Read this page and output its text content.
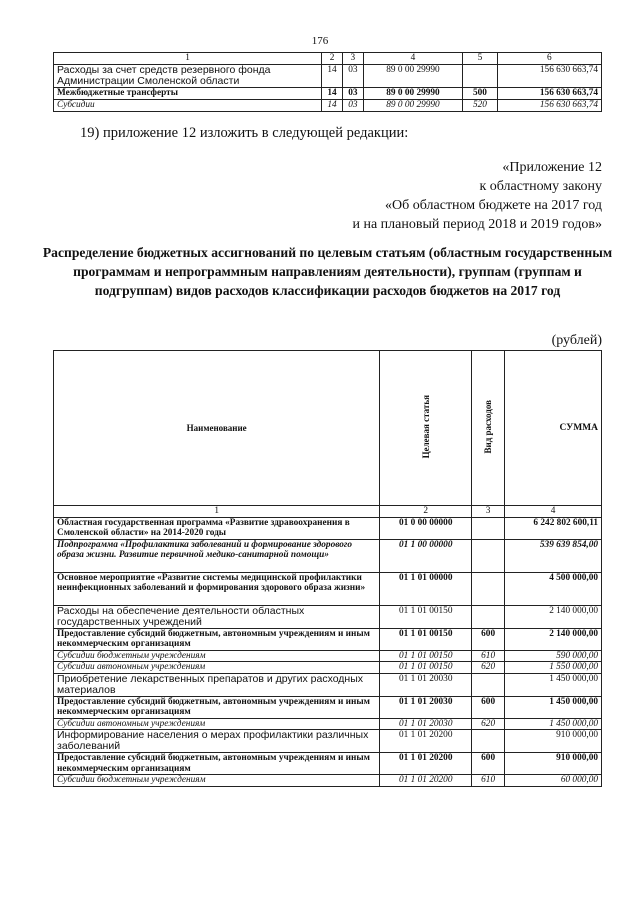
176
1	2	3	4	5	6
Расходы за счет средств резервного фонда Администрации Смоленской области	14	03	89 0 00 29990		156 630 663,74
Межбюджетные трансферты	14	03	89 0 00 29990	500	156 630 663,74
Субсидии	14	03	89 0 00 29990	520	156 630 663,74
19) приложение 12 изложить в следующей редакции:
«Приложение 12
к областному закону
«Об областном бюджете на 2017 год
и на плановый период 2018 и 2019 годов»
Распределение бюджетных ассигнований по целевым статьям (областным государственным программам и непрограммным направлениям деятельности), группам (группам и подгруппам) видов расходов классификации расходов бюджетов на 2017 год
(рублей)
Наименование	Целевая статья	Вид расходов	СУММА
1	2	3	4
Областная государственная программа «Развитие здравоохранения в Смоленской области» на 2014-2020 годы	01 0 00 00000		6 242 802 600,11
Подпрограмма «Профилактика заболеваний и формирование здорового образа жизни. Развитие первичной медико-санитарной помощи»	01 1 00 00000		539 639 854,00
Основное мероприятие «Развитие системы медицинской профилактики неинфекционных заболеваний и формирования здорового образа жизни»	01 1 01 00000		4 500 000,00
Расходы на обеспечение деятельности областных государственных учреждений	01 1 01 00150		2 140 000,00
Предоставление субсидий бюджетным, автономным учреждениям и иным некоммерческим организациям	01 1 01 00150	600	2 140 000,00
Субсидии бюджетным учреждениям	01 1 01 00150	610	590 000,00
Субсидии автономным учреждениям	01 1 01 00150	620	1 550 000,00
Приобретение лекарственных препаратов и других расходных материалов	01 1 01 20030		1 450 000,00
Предоставление субсидий бюджетным, автономным учреждениям и иным некоммерческим организациям	01 1 01 20030	600	1 450 000,00
Субсидии автономным учреждениям	01 1 01 20030	620	1 450 000,00
Информирование населения о мерах профилактики различных заболеваний	01 1 01 20200		910 000,00
Предоставление субсидий бюджетным, автономным учреждениям и иным некоммерческим организациям	01 1 01 20200	600	910 000,00
Субсидии бюджетным учреждениям	01 1 01 20200	610	60 000,00
